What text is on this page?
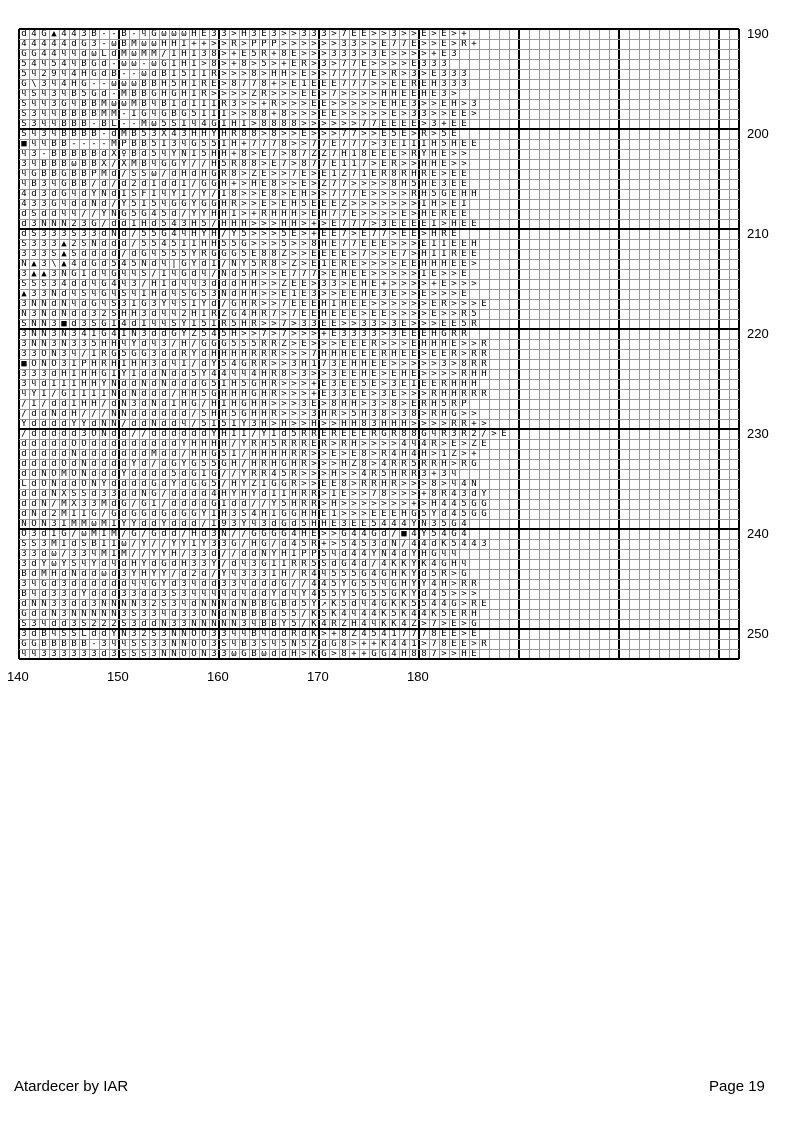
d 4 G ▲ 4 4 3 B - - B - ϥ G ω ω ω H E 3 3 > H 3 E 3 > > 3 3 3 > 7 E E > > 3 > > E > E > +
4 4 4 4 4 d G 3 - ω B M ω ω H H I + + > > R > P P P > > > > > > 3 3 > > E 7 7 E > > E > R +
G G 4 4 ϥ ϥ d ω L d M ω M M / I H I 3 8 > + E 5 R + 8 E > > > 3 3 3 > 3 E > > > > + E 3
5 4 ϥ 5 4 ϥ B G d - ω ω - ω G I H I > 8 > + 8 > 5 > + E R > 3 > 7 7 E > > > > E 3 3 3
5 ϥ 2 9 ϥ 4 H G d B - - ω d B I 5 I I R > > > 8 > H H > E > > 7 7 7 7 E > R > 3 > E 3 3 3
G \ 3 ϥ 4 H G - - ω ω ω B B H 5 H I R E > 8 7 7 8 + > E 1 E E E 7 7 7 > > E E R E H 3 3 3
ϥ S ϥ 3 ϥ B 5 G d - M B B G H G H I R > > > > Z R > > > E E > 7 > > > > H H E E H E 3 >
S ϥ ϥ 3 G ϥ B B M ω ω M B ϥ B I d I I I R 3 > > + R > > > E E > > > > > E H E 3 > > E H > 3
S 3 ϥ ϥ B B B B M M - I G ϥ G B G 5 I I I > > 8 8 + 8 > > > E E > > > > > E > 3 3 > > E E >
S 3 ϥ ϥ B B B - B L - - M ω 5 S I ϥ 4 G I H I > 8 8 8 8 > > > > > > 7 7 E E E E > 3 + E E
S ϥ 3 ϥ B B B B - d M B 5 3 X 4 3 H H Y H R 8 8 > 8 > > E > > > 7 7 > > E 5 E > R > 5 E
■ ϥ ϥ B B - - - - M P B B 5 I 3 ϥ G 5 5 I H + 7 7 7 8 > > 7 7 E 7 7 7 > 3 E I I I H 5 H E E
ϥ 3 - B B B B B d X ♀ B d 5 ϥ Y N I 5 H H + 8 > E 7 > 8 7 Z Z 7 H 1 8 E E E > R Y H E > >
3 ϥ B B B ω B B X / X M B ϥ G G Y / / H 5 R 8 8 > E 7 > 8 7 7 E 1 1 7 > E R > > H H E > >
ϥ G B B G B B P M d / S S ω / d H d H G R 8 > Z E > > 7 E > E 1 Z 7 1 E R 8 R H R E > E E
ϥ B 3 ϥ G B B / d / d 2 d I d d I / G G H + > H E 8 > > E > Z 7 7 > > > > 8 H 5 H E 3 E E
4 d 3 d G ϥ d Y N d I S F I ϥ Y I / Y / I 8 > > E 8 > E H > > 7 7 7 E > > > > R H 5 G E H H
4 3 3 G ϥ d d N d / Y 5 I 5 ϥ G G Y G G H R > > E > E H 5 E E E Z > > > > > > > I H > E I
d S d d ϥ ϥ / / Y N G 5 G 4 5 d / Y Y H H I > + R H H H > E H 7 7 E > > > > E > H E R E E
d 3 N N N 2 3 G / d d I H d 5 4 3 H 5 / H H H > > > H H > + > E 7 7 7 > 3 E E E E I > H E E
d S 3 3 3 S 3 3 d N d / 5 5 G 4 ϥ H Y H / Y 5 > > > 5 E > + E E 7 > E 7 7 > E E > H R E
S 3 3 3 ▲ 2 S N d d d / 5 5 4 5 I I H H 5 5 G > > > 5 > > 8 H E 7 7 E E E > > > E I I E E H
3 3 3 S ▲ S d d d d / d G ϥ 5 5 5 Y R G G G 5 E 8 8 Z > > E E E E > 7 > > E 7 > H I I R E E
N ▲ 3 \ ▲ 4 d G d 5 4 5 N d ϥ | G Y d I / N Y 5 R 8 > Z > E 1 E R E > > > > E E H H H E E >
3 ▲ ▲ 3 N G I d ϥ G ϥ ϥ S / I ϥ G d ϥ / N d 5 H > > E 7 7 7 > E H E E > > > > > I E > > E
S S S 3 4 d d ϥ G 4 ϥ 3 / H I d ϥ ϥ 3 d d d H H > > Z E E > 3 3 > E H E + > > > > + E > > >
▲ 3 3 N d ϥ S ϥ G ϥ S ϥ I H d ϥ S G 5 3 N d H H > > E 1 E 3 > > E E H E 3 E > > E > > > E
3 N N d N ϥ d G ϥ S 3 I G 3 Y ϥ S I Y d / G H R > > 7 E E E H I H E E > > > > > > E R > > > E
N 3 N d N d d 3 2 S H H 3 d ϥ ϥ 2 H I R Z G 4 H R 7 > 7 E E H E E E > E E > > > > E > > R 5
S N N 3 ■ d 3 S G I 4 d I ϥ ϥ S Y I 5 I R 5 H R > > 7 > 3 3 E E > > 3 3 > 3 E > > > E E 5 R
3 N N 3 N 3 4 I G 4 I N 3 d d G Y Z 5 4 5 H > > 7 > 7 > > > + E 3 3 3 3 > 3 E E E H G R R
3 N N 3 N 3 3 5 H H ϥ Y d ϥ 3 / H / G G G 5 5 5 R R Z > E > > > E E E R > > > E H H H E > > R
3 3 O N 3 ϥ / I R G 5 G G 3 d d R Y d H H H H R R R > > > 7 H H H E E E R H E E > E E R > R R
■ O N O 3 I P H R H I H H 3 d ϥ I / d Y 5 4 G R R > > 3 H 1 7 3 E H H E E > > > > > 3 > 8 R R
3 3 3 d H I H H G I Y I d d N d d 5 Y 4 4 ϥ ϥ 4 H R 8 > 3 > > 3 E E H E > E H E > > > > R H H
3 ϥ d I I I H H Y N d d N d N d d d G 5 I H 5 G H R > > > + E 3 E E 5 E > 3 E I E E R H H H
ϥ Y I / G I I I I N d N d d d / H H 5 G H H H G H R > > > + E 3 3 E E > 3 E > > > R H H R R R
/ I / d d I H H / d N 3 d N d I H G / H I H G H H > > > 3 E > 8 H H > 3 > 8 > E R H 5 R P
/ d d N d H / / / N N d d d d d d / 5 H H 5 G H H R > > > 3 H R > 5 H 3 8 > 3 8 > R H G > >
Y d d d d Y Y d N N / d d N d d ϥ / 5 I 5 I Y 3 H > H > > H > > H H 8 3 H H H > > > > R R + >
/ d d d d d 3 O N d d / / d d d d d d Y H I I / Y I d 5 R R E R E E E R G R 8 8 G ϥ R 3 R 2 / > E
d d d d d O O d d d d d d d d d Y H H H H / Y R H 5 R R R E R > R H > > > > 4 ϥ 4 R > E > Z E
d d d d d N d d d d d d d M d d / H H G 5 I / H H H H R R > > E > E 8 > R 4 H 4 H > 1 Z > +
d d d d O d N d d d d Y d / d G Y G 5 5 G H / H R H G H R > > > H Z 8 > 4 R R 5 R R H > R G
d d N O M O N d d d Y d d d d 5 d G I G / / Y R R 4 5 R > > > H > > 4 R 5 H R R 3 + 3 ϥ
L d O N d d O N Y d d d d G d Y d G G 5 / H Y Z I G G R > > E E 8 > R R H R > > > 8 > ϥ 4 N
d d d N X S S d 3 3 d d N G / d d d d 4 H Y H Y d I I H R R > I E > > 7 8 > > > + 8 R 4 3 d Y
d d N / M X 3 3 M d G / G I / d d d d G I d d / / Y 5 H R R > H > > > > > > > + > H 4 4 5 G G
d N d 2 M I I G / G d G G d G d G G Y I H 3 S 4 H I G G H H E 1 > > > E E E H G 5 Y d 4 5 G G
N O N 3 I M M ω M I Y Y d d Y d d d / I 9 3 Y ϥ 3 d G d 5 H H E 3 E E 5 4 4 4 Y N 3 5 G 4
O 3 d I G / ω M I M / G / G d d / H d 3 N / / G G G G 4 H E > > G 4 4 G d / ■ 4 Y 5 4 G 4
S S 3 M I d S B I I ω / Y / / Y Y I Y 3 3 G / H G / d 4 5 R + > 5 4 5 3 d N / 4 4 d K 5 4 4 3
3 3 d ω / 3 3 ϥ M I M / / Y Y H / 3 3 d / / d d N Y H I P P 5 ϥ d 4 4 Y N 4 d Y H G ϥ ϥ
3 d Y ω Y S ϥ Y d ϥ d H Y d G d H 3 3 Y / d ϥ 3 G I I R R 5 S d G 4 d / 4 K K Y K 4 G H ϥ
B d M H d N d d ω d 3 Y H Y Y / d 2 d / Y ϥ 3 3 3 I H / R 4 ϥ 5 5 5 G 4 G H K Y d 5 R > G
3 ϥ G d 3 d d d d d d ϥ ϥ G Y d 3 ϥ d d 3 3 ϥ d d d G / / 4 4 5 Y G 5 5 ϥ G H Y Y 4 H > R R
B ϥ d 3 3 d Y d d d 3 3 d d 3 S 3 ϥ ϥ ϥ ϥ d ϥ d d Y d ϥ Y 4 5 5 Y 5 G 5 5 G K Y d 4 5 > > >
d N N 3 3 d d 3 N N N N 3 2 S 3 ϥ d N N N d N B B G B d 5 Y ↗ K 5 d ϥ 4 G K K 5 5 4 4 G > R E
G d d N 3 N N N N N 3 S 3 3 ϥ d 3 3 O N d N B B B d 5 5 / K 5 K 4 ϥ 4 4 K 5 K 4 4 K 5 E R H
S 3 ϥ d d 3 S 2 2 2 S 3 d d N 3 3 N N N N N 3 ϥ B B Y 5 / K 4 R Z H 4 ϥ K K 4 Z > 7 > E > G
3 d B ϥ S S L d d Y N 3 2 S 3 N N O O 3 3 ϥ ϥ B ϥ d d R d K > + 8 Z 4 5 4 1 7 7 7 8 E E > E
G G B B B B B - 3 ϥ ϥ S S 3 3 N N O O 3 S ϥ B 3 S ϥ 5 N 5 Z d G 8 > + + K 4 4 1 > 7 8 E E > R
ϥ ϥ 3 3 3 3 3 3 d 3 S S S 3 N N O O N 3 3 ω G B ω d d H > K G > 8 + + G G 4 H 8 8 7 > > H E
140	150	160	170	180
190
200
210
220
230
240
250
Atardecer by IAR	Page 19
